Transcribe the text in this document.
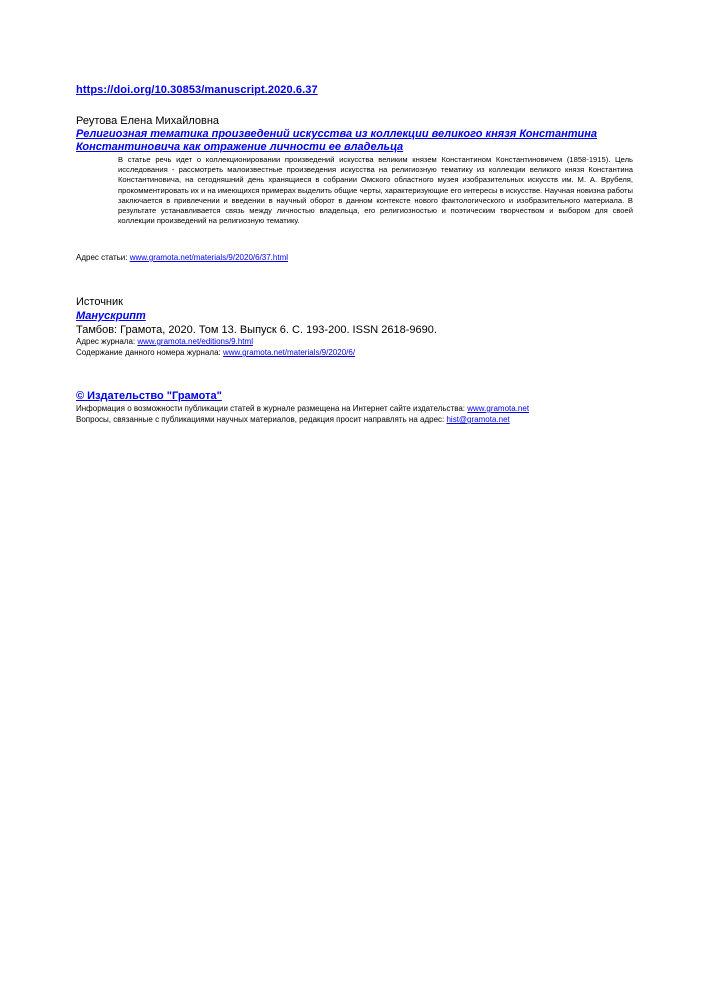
https://doi.org/10.30853/manuscript.2020.6.37
Реутова Елена Михайловна
Религиозная тематика произведений искусства из коллекции великого князя Константина Константиновича как отражение личности ее владельца
В статье речь идет о коллекционировании произведений искусства великим князем Константином Константиновичем (1858-1915). Цель исследования - рассмотреть малоизвестные произведения искусства на религиозную тематику из коллекции великого князя Константина Константиновича, на сегодняшний день хранящиеся в собрании Омского областного музея изобразительных искусств им. М. А. Врубеля, прокомментировать их и на имеющихся примерах выделить общие черты, характеризующие его интересы в искусстве. Научная новизна работы заключается в привлечении и введении в научный оборот в данном контексте нового фактологического и изобразительного материала. В результате устанавливается связь между личностью владельца, его религиозностью и поэтическим творчеством и выбором для своей коллекции произведений на религиозную тематику.
Адрес статьи: www.gramota.net/materials/9/2020/6/37.html
Источник
Манускрипт
Тамбов: Грамота, 2020. Том 13. Выпуск 6. C. 193-200. ISSN 2618-9690.
Адрес журнала: www.gramota.net/editions/9.html
Содержание данного номера журнала: www.gramota.net/materials/9/2020/6/
© Издательство "Грамота"
Информация о возможности публикации статей в журнале размещена на Интернет сайте издательства: www.gramota.net
Вопросы, связанные с публикациями научных материалов, редакция просит направлять на адрес: hist@gramota.net
